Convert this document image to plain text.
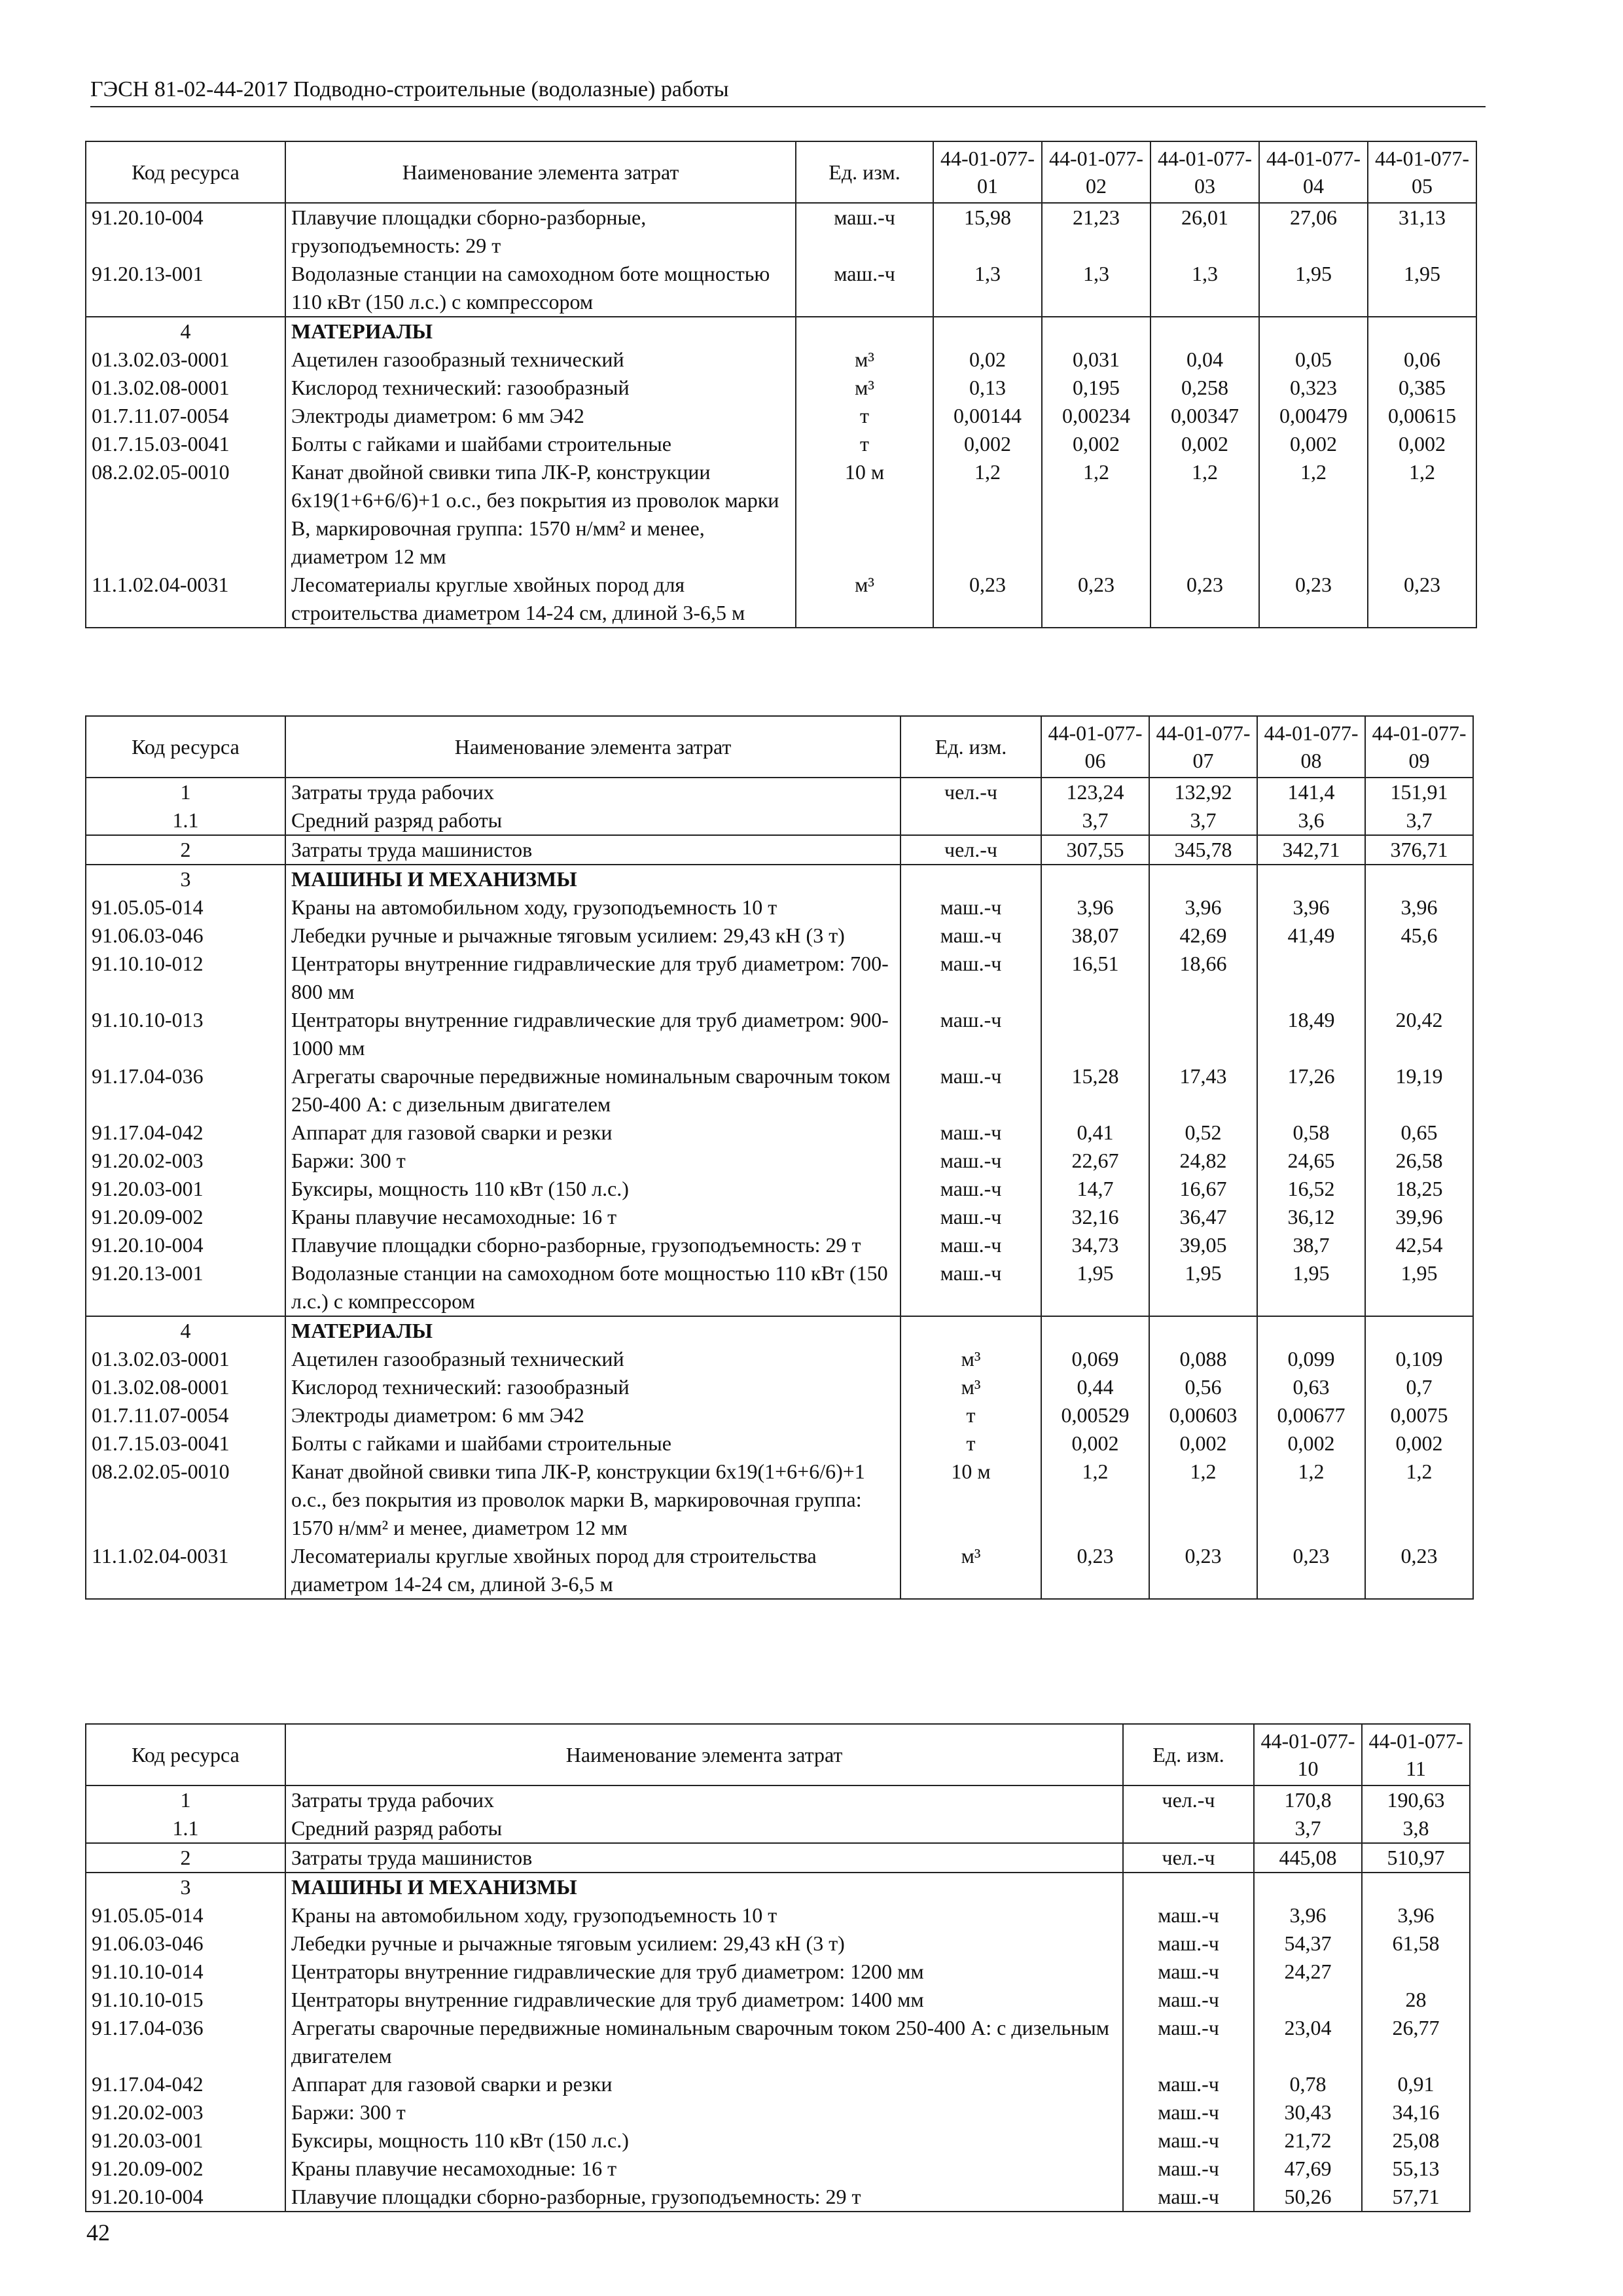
ГЭСН 81-02-44-2017 Подводно-строительные (водолазные) работы
Код ресурса	Наименование элемента затрат	Ед. изм.	44-01-077-01	44-01-077-02	44-01-077-03	44-01-077-04	44-01-077-05
91.20.10-004	Плавучие площадки сборно-разборные, грузоподъемность: 29 т	маш.-ч	15,98	21,23	26,01	27,06	31,13
91.20.13-001	Водолазные станции на самоходном боте мощностью 110 кВт (150 л.с.) с компрессором	маш.-ч	1,3	1,3	1,3	1,95	1,95
4	МАТЕРИАЛЫ						
01.3.02.03-0001	Ацетилен газообразный технический	м³	0,02	0,031	0,04	0,05	0,06
01.3.02.08-0001	Кислород технический: газообразный	м³	0,13	0,195	0,258	0,323	0,385
01.7.11.07-0054	Электроды диаметром: 6 мм Э42	т	0,00144	0,00234	0,00347	0,00479	0,00615
01.7.15.03-0041	Болты с гайками и шайбами строительные	т	0,002	0,002	0,002	0,002	0,002
08.2.02.05-0010	Канат двойной свивки типа ЛК-Р, конструкции 6х19(1+6+6/6)+1 о.с., без покрытия из проволок марки В, маркировочная группа: 1570 н/мм² и менее, диаметром 12 мм	10 м	1,2	1,2	1,2	1,2	1,2
11.1.02.04-0031	Лесоматериалы круглые хвойных пород для строительства диаметром 14-24 см, длиной 3-6,5 м	м³	0,23	0,23	0,23	0,23	0,23
Код ресурса	Наименование элемента затрат	Ед. изм.	44-01-077-06	44-01-077-07	44-01-077-08	44-01-077-09
1	Затраты труда рабочих	чел.-ч	123,24	132,92	141,4	151,91
1.1	Средний разряд работы		3,7	3,7	3,6	3,7
2	Затраты труда машинистов	чел.-ч	307,55	345,78	342,71	376,71
3	МАШИНЫ И МЕХАНИЗМЫ					
91.05.05-014	Краны на автомобильном ходу, грузоподъемность 10 т	маш.-ч	3,96	3,96	3,96	3,96
91.06.03-046	Лебедки ручные и рычажные тяговым усилием: 29,43 кН (3 т)	маш.-ч	38,07	42,69	41,49	45,6
91.10.10-012	Центраторы внутренние гидравлические для труб диаметром: 700-800 мм	маш.-ч	16,51	18,66		
91.10.10-013	Центраторы внутренние гидравлические для труб диаметром: 900-1000 мм	маш.-ч			18,49	20,42
91.17.04-036	Агрегаты сварочные передвижные номинальным сварочным током 250-400 А: с дизельным двигателем	маш.-ч	15,28	17,43	17,26	19,19
91.17.04-042	Аппарат для газовой сварки и резки	маш.-ч	0,41	0,52	0,58	0,65
91.20.02-003	Баржи: 300 т	маш.-ч	22,67	24,82	24,65	26,58
91.20.03-001	Буксиры, мощность 110 кВт (150 л.с.)	маш.-ч	14,7	16,67	16,52	18,25
91.20.09-002	Краны плавучие несамоходные: 16 т	маш.-ч	32,16	36,47	36,12	39,96
91.20.10-004	Плавучие площадки сборно-разборные, грузоподъемность: 29 т	маш.-ч	34,73	39,05	38,7	42,54
91.20.13-001	Водолазные станции на самоходном боте мощностью 110 кВт (150 л.с.) с компрессором	маш.-ч	1,95	1,95	1,95	1,95
4	МАТЕРИАЛЫ					
01.3.02.03-0001	Ацетилен газообразный технический	м³	0,069	0,088	0,099	0,109
01.3.02.08-0001	Кислород технический: газообразный	м³	0,44	0,56	0,63	0,7
01.7.11.07-0054	Электроды диаметром: 6 мм Э42	т	0,00529	0,00603	0,00677	0,0075
01.7.15.03-0041	Болты с гайками и шайбами строительные	т	0,002	0,002	0,002	0,002
08.2.02.05-0010	Канат двойной свивки типа ЛК-Р, конструкции 6х19(1+6+6/6)+1 о.с., без покрытия из проволок марки В, маркировочная группа: 1570 н/мм² и менее, диаметром 12 мм	10 м	1,2	1,2	1,2	1,2
11.1.02.04-0031	Лесоматериалы круглые хвойных пород для строительства диаметром 14-24 см, длиной 3-6,5 м	м³	0,23	0,23	0,23	0,23
Код ресурса	Наименование элемента затрат	Ед. изм.	44-01-077-10	44-01-077-11
1	Затраты труда рабочих	чел.-ч	170,8	190,63
1.1	Средний разряд работы		3,7	3,8
2	Затраты труда машинистов	чел.-ч	445,08	510,97
3	МАШИНЫ И МЕХАНИЗМЫ			
91.05.05-014	Краны на автомобильном ходу, грузоподъемность 10 т	маш.-ч	3,96	3,96
91.06.03-046	Лебедки ручные и рычажные тяговым усилием: 29,43 кН (3 т)	маш.-ч	54,37	61,58
91.10.10-014	Центраторы внутренние гидравлические для труб диаметром: 1200 мм	маш.-ч	24,27	
91.10.10-015	Центраторы внутренние гидравлические для труб диаметром: 1400 мм	маш.-ч		28
91.17.04-036	Агрегаты сварочные передвижные номинальным сварочным током 250-400 А: с дизельным двигателем	маш.-ч	23,04	26,77
91.17.04-042	Аппарат для газовой сварки и резки	маш.-ч	0,78	0,91
91.20.02-003	Баржи: 300 т	маш.-ч	30,43	34,16
91.20.03-001	Буксиры, мощность 110 кВт (150 л.с.)	маш.-ч	21,72	25,08
91.20.09-002	Краны плавучие несамоходные: 16 т	маш.-ч	47,69	55,13
91.20.10-004	Плавучие площадки сборно-разборные, грузоподъемность: 29 т	маш.-ч	50,26	57,71
42
